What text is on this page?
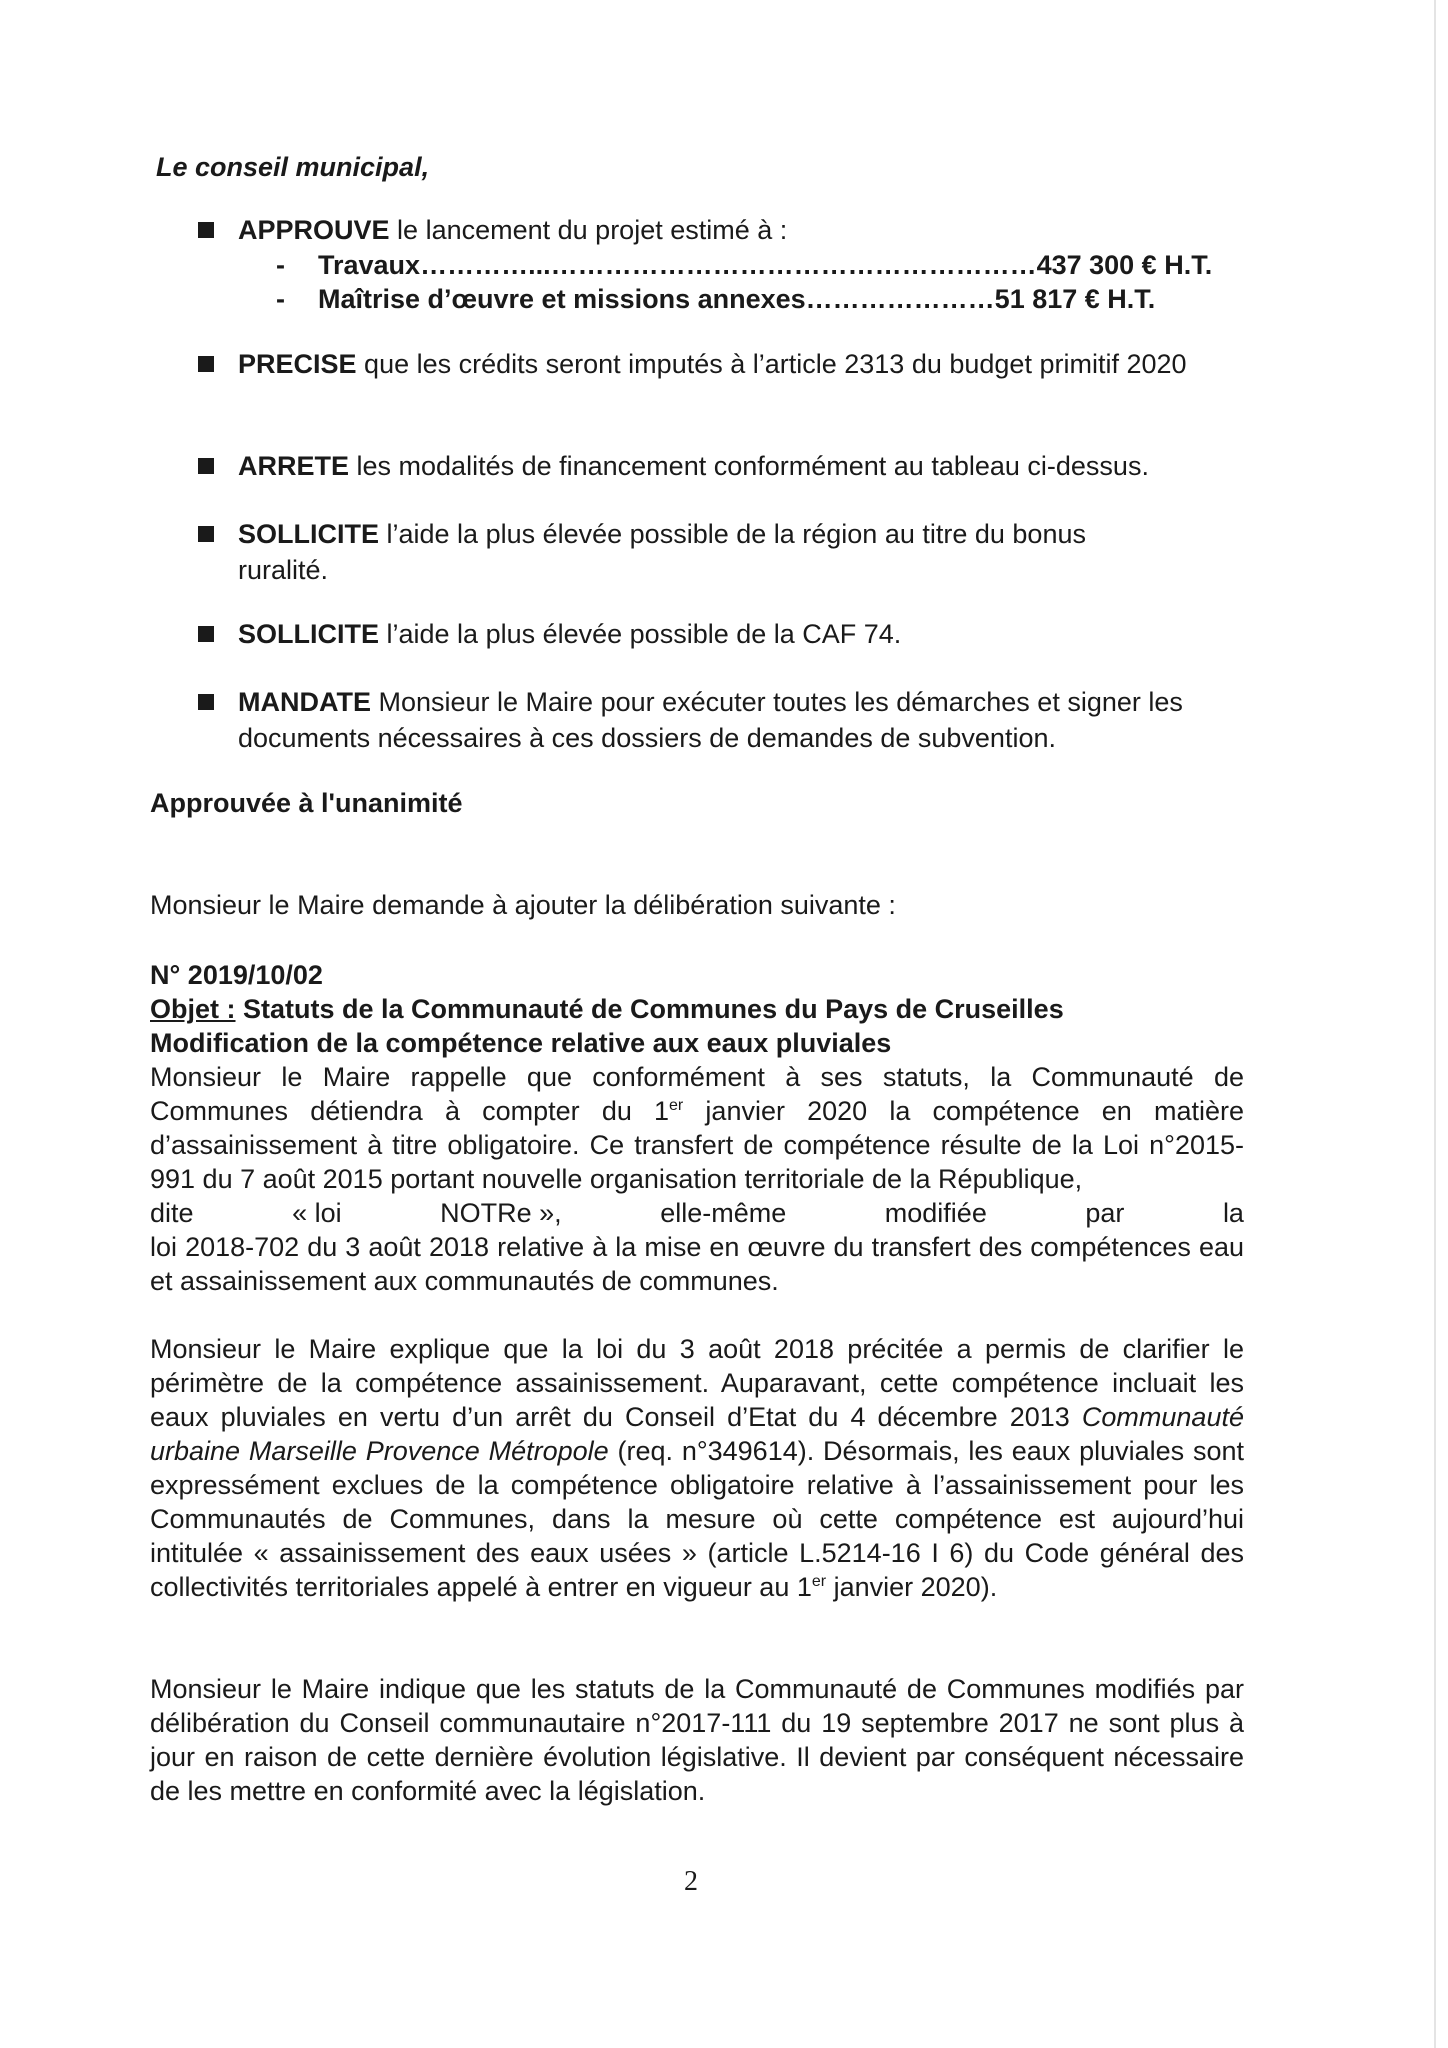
Le conseil municipal,
APPROUVE le lancement du projet estimé à :
- Travaux…………...………………………………………………437 300 € H.T.
- Maîtrise d’œuvre et missions annexes…………………51 817 € H.T.
PRECISE que les crédits seront imputés à l’article 2313 du budget primitif 2020
ARRETE les modalités de financement conformément au tableau ci-dessus.
SOLLICITE l’aide la plus élevée possible de la région au titre du bonus ruralité.
SOLLICITE l’aide la plus élevée possible de la CAF 74.
MANDATE Monsieur le Maire pour exécuter toutes les démarches et signer les documents nécessaires à ces dossiers de demandes de subvention.
Approuvée à l'unanimité
Monsieur le Maire demande à ajouter la délibération suivante :
N° 2019/10/02
Objet : Statuts de la Communauté de Communes du Pays de Cruseilles
Modification de la compétence relative aux eaux pluviales
Monsieur le Maire rappelle que conformément à ses statuts, la Communauté de Communes détiendra à compter du 1er janvier 2020 la compétence en matière d’assainissement à titre obligatoire. Ce transfert de compétence résulte de la Loi n°2015-991 du 7 août 2015 portant nouvelle organisation territoriale de la République,
dite	« loi	NOTRe »,	elle-même	modifiée	par	la
loi 2018-702 du 3 août 2018 relative à la mise en œuvre du transfert des compétences eau et assainissement aux communautés de communes.
Monsieur le Maire explique que la loi du 3 août 2018 précitée a permis de clarifier le périmètre de la compétence assainissement. Auparavant, cette compétence incluait les eaux pluviales en vertu d’un arrêt du Conseil d’Etat du 4 décembre 2013 Communauté urbaine Marseille Provence Métropole (req. n°349614). Désormais, les eaux pluviales sont expressément exclues de la compétence obligatoire relative à l’assainissement pour les Communautés de Communes, dans la mesure où cette compétence est aujourd’hui intitulée « assainissement des eaux usées » (article L.5214-16 I 6) du Code général des collectivités territoriales appelé à entrer en vigueur au 1er janvier 2020).
Monsieur le Maire indique que les statuts de la Communauté de Communes modifiés par délibération du Conseil communautaire n°2017-111 du 19 septembre 2017 ne sont plus à jour en raison de cette dernière évolution législative. Il devient par conséquent nécessaire de les mettre en conformité avec la législation.
2
